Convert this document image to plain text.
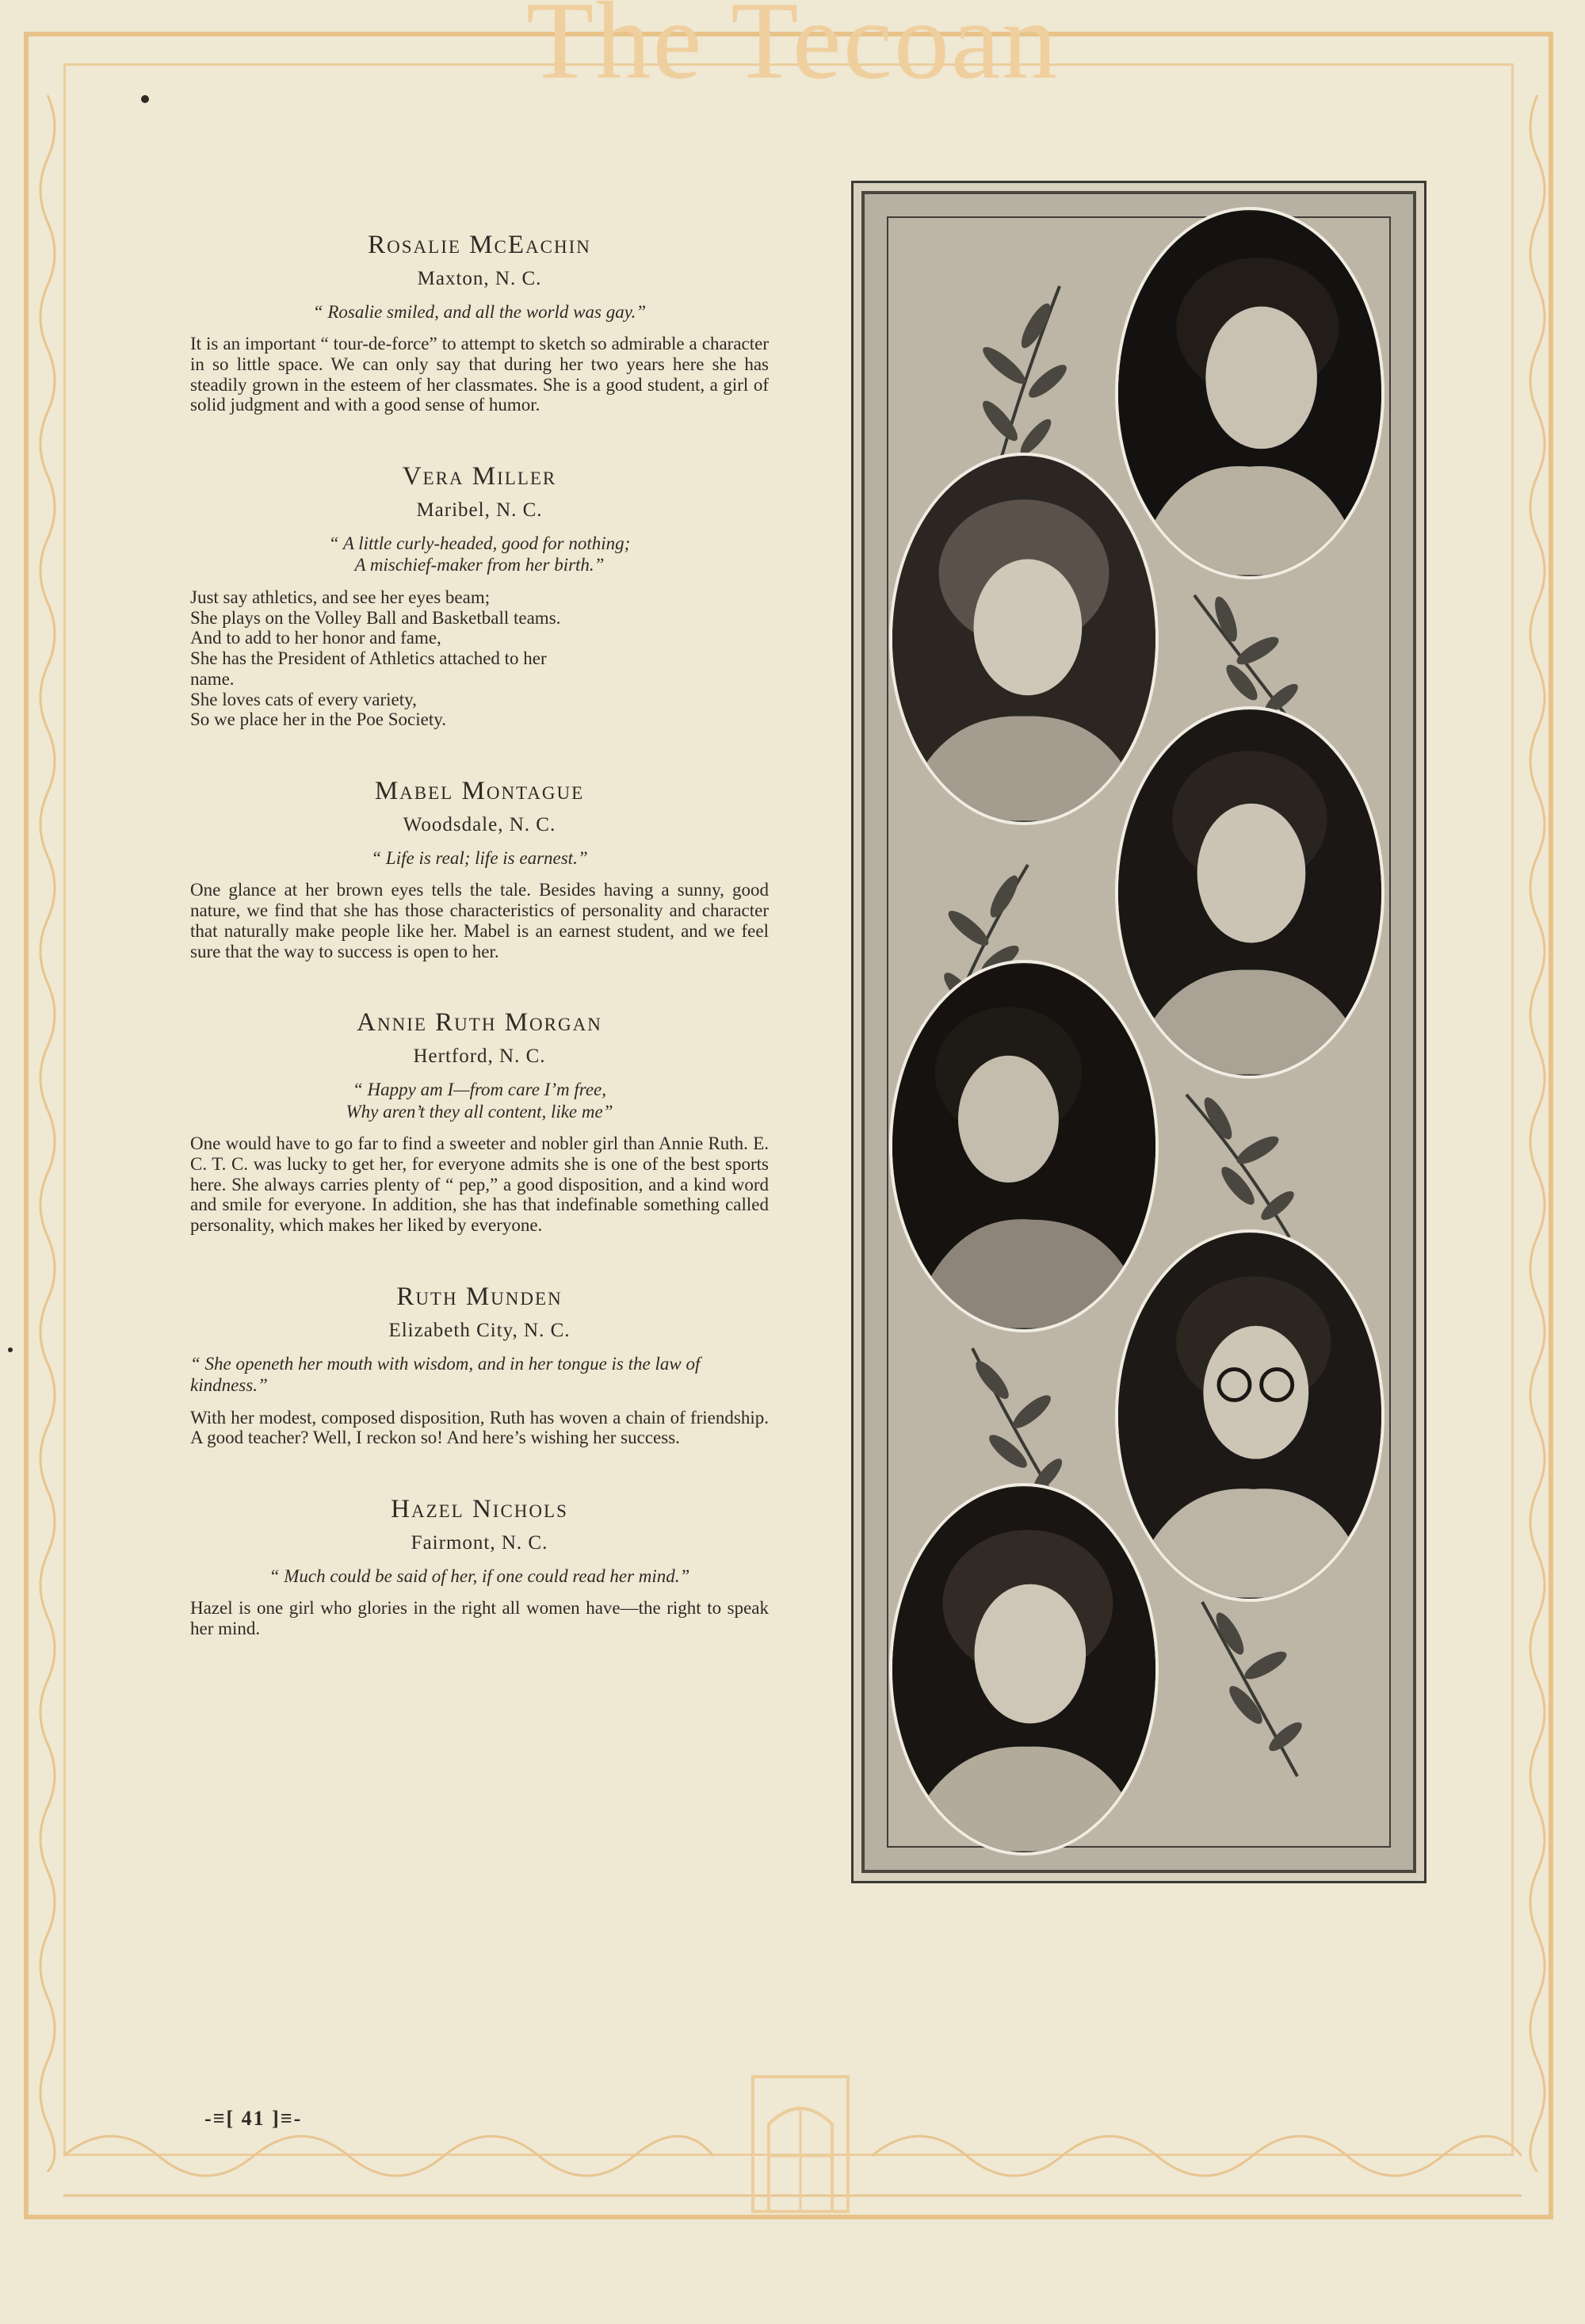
The Tecoan

Rosalie McEachin

Maxton, N. C.

“ Rosalie smiled, and all the world was gay.”

It is an important “ tour-de-force” to attempt to sketch so admirable a character in so little space. We can only say that during her two years here she has steadily grown in the esteem of her classmates. She is a good student, a girl of solid judgment and with a good sense of humor.

Vera Miller

Maribel, N. C.

“ A little curly-headed, good for nothing;
A mischief-maker from her birth.”

Just say athletics, and see her eyes beam;
She plays on the Volley Ball and Basketball teams.
And to add to her honor and fame,
She has the President of Athletics attached to her
name.
She loves cats of every variety,
So we place her in the Poe Society.

Mabel Montague

Woodsdale, N. C.

“ Life is real; life is earnest.”

One glance at her brown eyes tells the tale. Besides having a sunny, good nature, we find that she has those characteristics of personality and character that naturally make people like her. Mabel is an earnest student, and we feel sure that the way to success is open to her.

Annie Ruth Morgan

Hertford, N. C.

“ Happy am I—from care I’m free,
Why aren’t they all content, like me”

One would have to go far to find a sweeter and nobler girl than Annie Ruth. E. C. T. C. was lucky to get her, for everyone admits she is one of the best sports here. She always carries plenty of “ pep,” a good disposition, and a kind word and smile for everyone. In addition, she has that indefinable something called personality, which makes her liked by everyone.

Ruth Munden

Elizabeth City, N. C.

“ She openeth her mouth with wisdom, and in her tongue is the law of kindness.”

With her modest, composed disposition, Ruth has woven a chain of friendship. A good teacher? Well, I reckon so! And here’s wishing her success.

Hazel Nichols

Fairmont, N. C.

“ Much could be said of her, if one could read her mind.”

Hazel is one girl who glories in the right all women have—the right to speak her mind.

-≡[ 41 ]≡-
